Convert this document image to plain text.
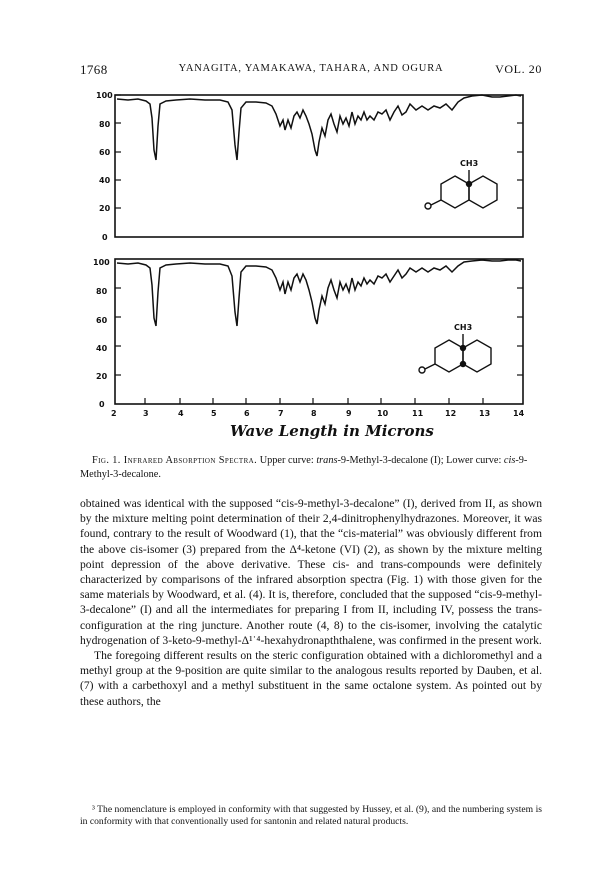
1768	YANAGITA, YAMAKAWA, TAHARA, AND OGURA	VOL. 20
100
80
60
40
20
0
CH3
100
80
60
40
20
0
2	3	4	5	6	7	8	9	10	11	12	13	14
CH3
Wave Length in Microns
Fig. 1. Infrared Absorption Spectra. Upper curve: trans-9-Methyl-3-decalone (I); Lower curve: cis-9-Methyl-3-decalone.

obtained was identical with the supposed “cis-9-methyl-3-decalone” (I), derived from II, as shown by the mixture melting point determination of their 2,4-dinitrophenylhydrazones. Moreover, it was found, contrary to the result of Woodward (1), that the “cis-material” was obviously different from the above cis-isomer (3) prepared from the Δ⁴-ketone (VI) (2), as shown by the mixture melting point depression of the above derivative. These cis- and trans-compounds were definitely characterized by comparisons of the infrared absorption spectra (Fig. 1) with those given for the same materials by Woodward, et al. (4). It is, therefore, concluded that the supposed “cis-9-methyl-3-decalone” (I) and all the intermediates for preparing I from II, including IV, possess the trans-configuration at the ring juncture. Another route (4, 8) to the cis-isomer, involving the catalytic hydrogenation of 3-keto-9-methyl-Δ¹˙⁴-hexahydronapththalene, was confirmed in the present work.

The foregoing different results on the steric configuration obtained with a dichloromethyl and a methyl group at the 9-position are quite similar to the analogous results reported by Dauben, et al. (7) with a carbethoxyl and a methyl substituent in the same octalone system. As pointed out by these authors, the

³ The nomenclature is employed in conformity with that suggested by Hussey, et al. (9), and the numbering system is in conformity with that conventionally used for santonin and related natural products.
